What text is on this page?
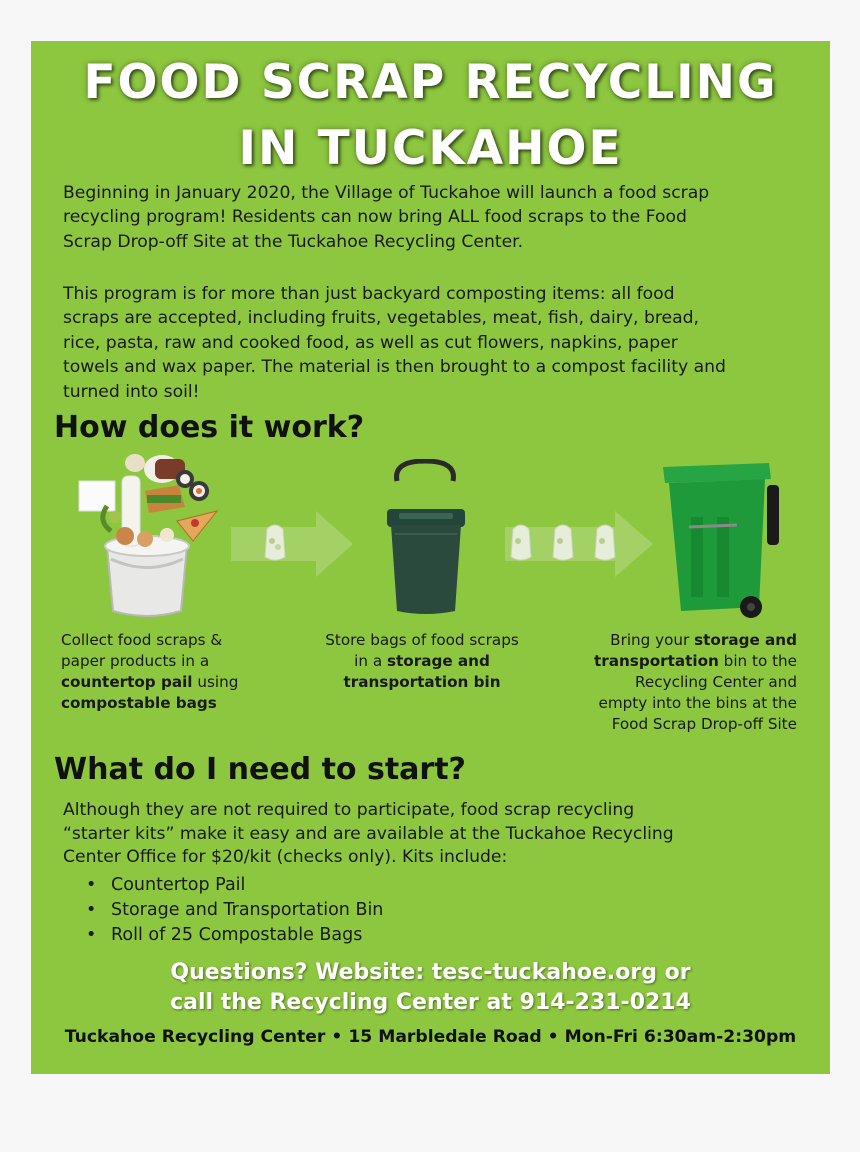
FOOD SCRAP RECYCLING
IN TUCKAHOE
Beginning in January 2020, the Village of Tuckahoe will launch a food scrap
recycling program! Residents can now bring ALL food scraps to the Food
Scrap Drop-off Site at the Tuckahoe Recycling Center.
This program is for more than just backyard composting items: all food
scraps are accepted, including fruits, vegetables, meat, fish, dairy, bread,
rice, pasta, raw and cooked food, as well as cut flowers, napkins, paper
towels and wax paper. The material is then brought to a compost facility and
turned into soil!
How does it work?
Collect food scraps &
paper products in a
countertop pail using
compostable bags
Store bags of food scraps
in a storage and
transportation bin
Bring your storage and
transportation bin to the
Recycling Center and
empty into the bins at the
Food Scrap Drop-off Site
What do I need to start?
Although they are not required to participate, food scrap recycling
“starter kits” make it easy and are available at the Tuckahoe Recycling
Center Office for $20/kit (checks only). Kits include:
• Countertop Pail
• Storage and Transportation Bin
• Roll of 25 Compostable Bags
Questions? Website: tesc-tuckahoe.org or
call the Recycling Center at 914-231-0214
Tuckahoe Recycling Center • 15 Marbledale Road • Mon-Fri 6:30am-2:30pm
